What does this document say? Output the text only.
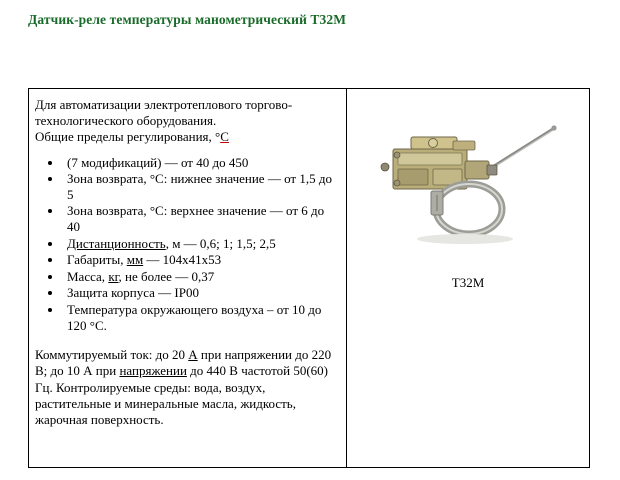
Датчик-реле температуры манометрический Т32М

Для автоматизации электротеплового торгово-

технологического оборудования.

Общие пределы регулирования, °С

• (7 модификаций) — от 40 до 450
• Зона возврата, °C: нижнее значение — от 1,5 до 5
• Зона возврата, °C: верхнее значение — от 6 до 40
• Дистанционность, м — 0,6; 1; 1,5; 2,5
• Габариты, мм — 104х41х53
• Масса, кг, не более — 0,37
• Защита корпуса — IP00
• Температура окружающего воздуха – от 10 до 120 °С.
Коммутируемый ток: до 20 А при напряжении до 220 В; до 10 А при напряжении до 440 В частотой 50(60) Гц. Контролируемые среды: вода, воздух, растительные и минеральные масла, жидкость, жарочная поверхность.
Т32М
